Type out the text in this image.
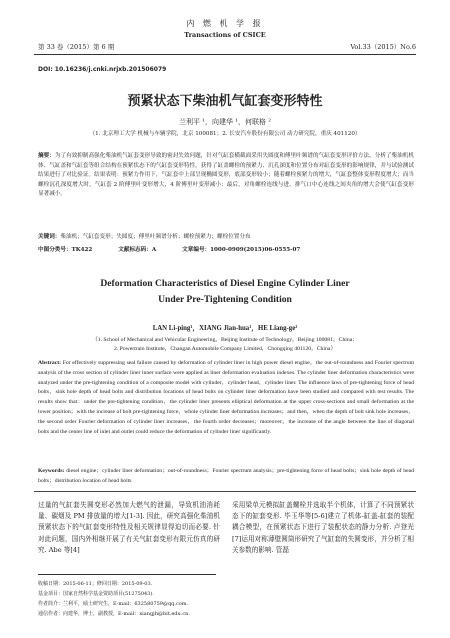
第 33 卷（2015）第 6 期
内 燃 机 学 报
Transactions of CSICE
Vol.33（2015）No.6
DOI: 10.16236/j.cnki.nrjxb.201506079
预紧状态下柴油机气缸套变形特性
兰利平 ¹，向建华 ¹，何联格 ²
（1. 北京理工大学 机械与车辆学院，北京 100081；2. 长安汽车股份有限公司 动力研究院，重庆 401120）
摘要：为了有效抑制高强化柴油机气缸套变形导致的密封失效问题，针对气缸套横截面采用失圆度和傅里叶频谱的气缸套变形评价方法，分析了柴油机机体、气缸盖和气缸套等组合结构在预紧状态下的气缸套变形特性，获得了缸盖螺栓的预紧力、沉孔深度和位置分布对缸套变形的影响规律，并与试验测试结果进行了对比验证。结果表明：预紧力作用下，气缸套中上部呈现椭圆变形，底部变形较小；随着螺栓预紧力的增大，气缸套整体变形程度增大；而当螺栓沉孔深度增大时，气缸套 2 阶傅里叶变形增大，4 阶傅里叶变形减小；最后，对角螺栓连线与进、排气口中心连线之间夹角的增大会使气缸套变形显著减小。
关键词：柴油机；气缸套变形；失圆度；傅里叶频谱分析；螺栓预紧力；螺栓位置分布
中图分类号：TK422	文献标志码：A	文章编号：1000-0909(2015)06-0555-07
Deformation Characteristics of Diesel Engine Cylinder Liner
Under Pre-Tightening Condition
LAN Li-ping¹，XIANG Jian-hua¹，HE Liang-ge²
（1. School of Mechanical and Vehicular Engineering，Beijing Institute of Technology，Beijing 100081，China；
2. Powertrain Institute，Changan Automobile Company Limited，Chongqing 401120，China）
Abstract: For effectively suppressing seal failure caused by deformation of cylinder liner in high power diesel engine，the out-of-roundness and Fourier spectrum analysis of the cross section of cylinder liner inner surface were applied as liner deformation evaluation indexes. The cylinder liner deformation characteristics were analyzed under the pre-tightening condition of a composite model with cylinder，cylinder head，cylinder liner. The influence laws of pre-tightening force of head bolts，sink hole depth of head bolts and distribution locations of head bolts on cylinder liner deformation have been studied and compared with test results. The results show that：under the pre-tightening condition，the cylinder liner presents elliptical deformation at the upper cross-sections and small deformation at the lower position；with the increase of bolt pre-tightening force，whole cylinder liner deformation increases；and then，when the depth of bolt sink hole increases，the second order Fourier deformation of cylinder liner increases，the fourth order decreases；moreover，the increase of the angle between the line of diagonal bolts and the center line of inlet and outlet could reduce the deformation of cylinder liner significantly.
Keywords: diesel engine；cylinder liner deformation；out-of-roundness；Fourier spectrum analysis；pre-tightening force of head bolts；sink hole depth of head bolts；distribution location of head bolts
过量的气缸套失圆变形必然加大燃气的泄漏，导致机油消耗量、碳烟及 PM 排放量的增大[1-3]. 因此，研究高强化柴油机预紧状态下的气缸套变形特性及相关规律显得迫切而必要. 针对此问题，国内外相继开展了有关气缸套变形有限元仿真的研究. Abe 等[4]
采用梁单元模拟缸盖螺栓并选取半个机体，计算了不同预紧状态下的缸套变形. 毕玉华等[5-6]建立了机体-缸盖-缸套的装配耦合模型，在预紧状态下进行了装配状态的静力分析. 卢登光[7]运用对称薄壁圆筒形研究了气缸套的失圆变形，并分析了相关参数的影响. 管磊
收稿日期：2015-06-11；修回日期：2015-09-03.
基金项目：国家自然科学基金资助项目(51275043).
作者简介：兰利平，硕士研究生，E-mail：632580759@qq.com.
通信作者：向建华，博士，副教授，E-mail：xiangjh@bit.edu.cn.
